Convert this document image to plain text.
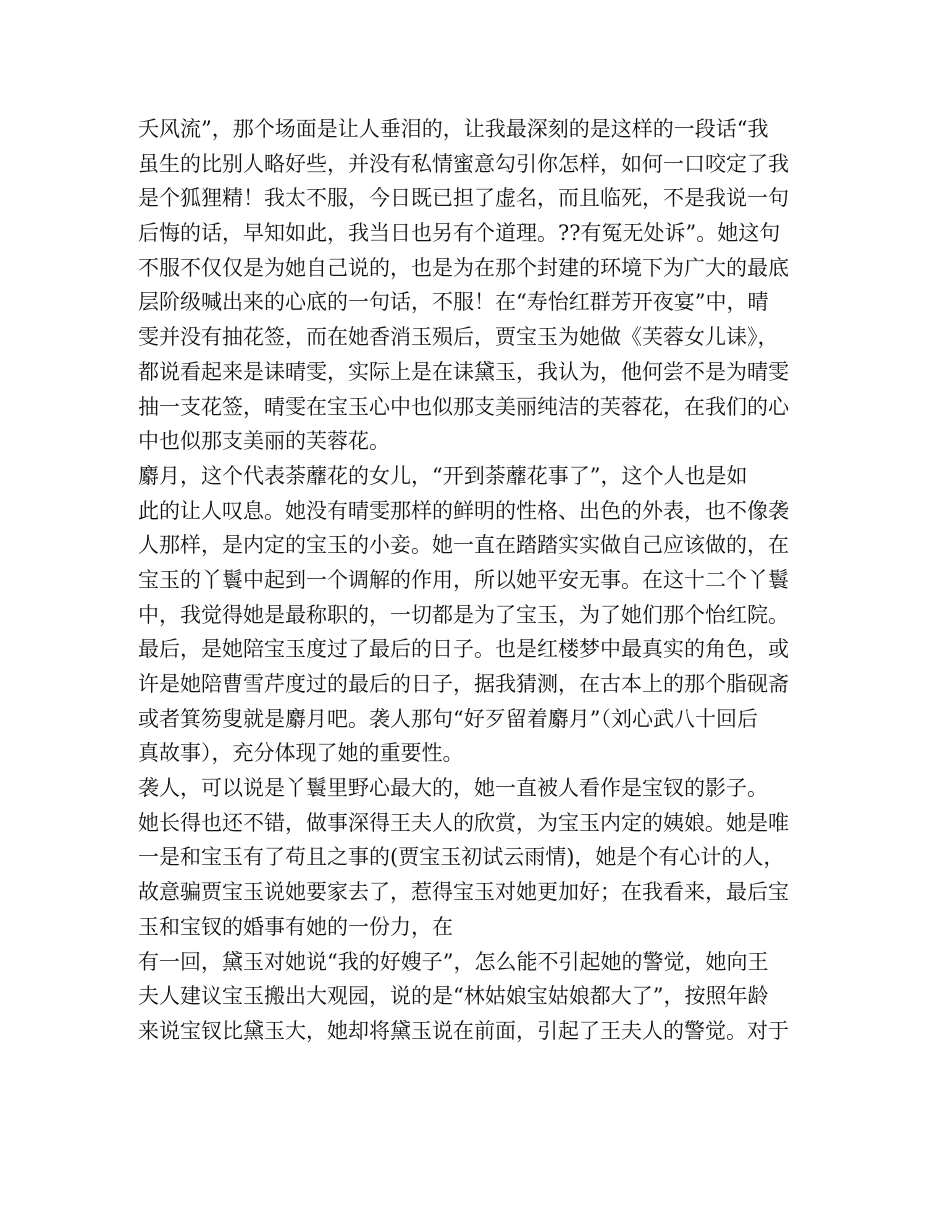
夭风流”，那个场面是让人垂泪的，让我最深刻的是这样的一段话“我
虽生的比别人略好些，并没有私情蜜意勾引你怎样，如何一口咬定了我
是个狐狸精！我太不服，今日既已担了虚名，而且临死，不是我说一句
后悔的话，早知如此，我当日也另有个道理。??有冤无处诉”。她这句
不服不仅仅是为她自己说的，也是为在那个封建的环境下为广大的最底
层阶级喊出来的心底的一句话，不服！在“寿怡红群芳开夜宴”中，晴
雯并没有抽花签，而在她香消玉殒后，贾宝玉为她做《芙蓉女儿诔》，
都说看起来是诔晴雯，实际上是在诔黛玉，我认为，他何尝不是为晴雯
抽一支花签，晴雯在宝玉心中也似那支美丽纯洁的芙蓉花，在我们的心
中也似那支美丽的芙蓉花。
麝月，这个代表荼蘼花的女儿，“开到荼蘼花事了”，这个人也是如
此的让人叹息。她没有晴雯那样的鲜明的性格、出色的外表，也不像袭
人那样，是内定的宝玉的小妾。她一直在踏踏实实做自己应该做的，在
宝玉的丫鬟中起到一个调解的作用，所以她平安无事。在这十二个丫鬟
中，我觉得她是最称职的，一切都是为了宝玉，为了她们那个怡红院。
最后，是她陪宝玉度过了最后的日子。也是红楼梦中最真实的角色，或
许是她陪曹雪芹度过的最后的日子，据我猜测，在古本上的那个脂砚斋
或者箕笏叟就是麝月吧。袭人那句“好歹留着麝月”（刘心武八十回后
真故事），充分体现了她的重要性。
袭人，可以说是丫鬟里野心最大的，她一直被人看作是宝钗的影子。
她长得也还不错，做事深得王夫人的欣赏，为宝玉内定的姨娘。她是唯
一是和宝玉有了苟且之事的(贾宝玉初试云雨情)，她是个有心计的人，
故意骗贾宝玉说她要家去了，惹得宝玉对她更加好；在我看来，最后宝
玉和宝钗的婚事有她的一份力，在
有一回，黛玉对她说“我的好嫂子”，怎么能不引起她的警觉，她向王
夫人建议宝玉搬出大观园，说的是“林姑娘宝姑娘都大了”，按照年龄
来说宝钗比黛玉大，她却将黛玉说在前面，引起了王夫人的警觉。对于
